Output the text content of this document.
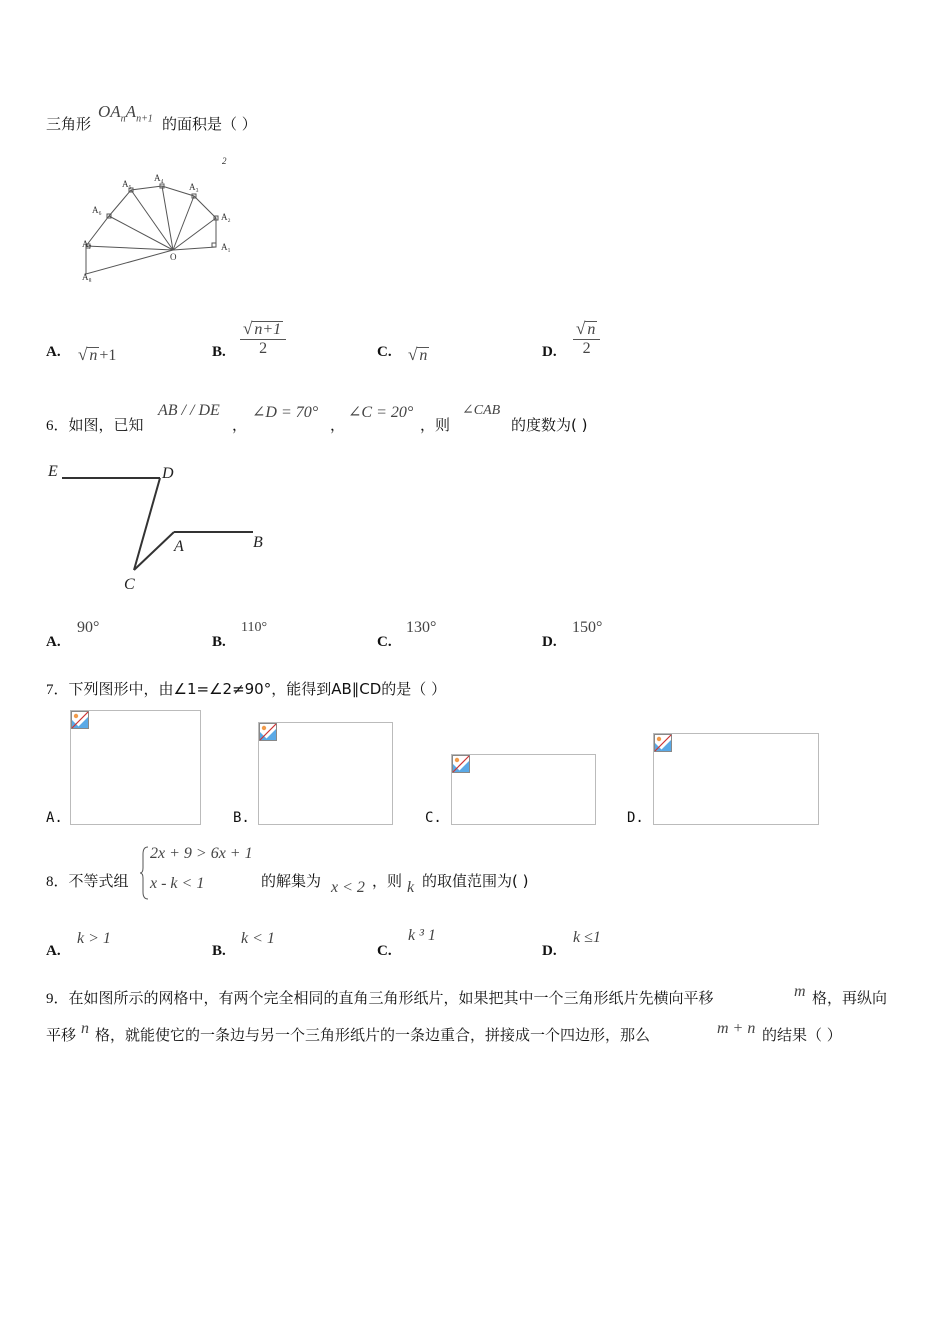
三角形
$OA_nA_{n+1}$ 的面积是（ ）
2
A₁
A₂
A₃
A₄
A₅
A₆
A₇
A₈
O
A. √ n +1	B. $\frac{√ n+1}{2}$	C. √ n	D. $\frac{√ n}{2}$
6．如图，已知
AB / / DE
，
∠D = 70°
，
∠C = 20°
，则
∠CAB
的度数为( )
E	D
A	B
C
A.
90°
B.
110°
C.
130°
D.
150°
7．下列图形中，由∠1=∠2≠90°，能得到AB∥CD的是（ ）
A.	B.	C.	D.
8．不等式组
2x + 9 > 6x + 1
x - k < 1	的解集为 x < 2 ，则 k 的取值范围为( )
A.
k > 1
B.
k < 1
C.
k ³ 1
D.
k ≤1
9．在如图所示的网格中，有两个完全相同的直角三角形纸片，如果把其中一个三角形纸片先横向平移	m 格，再纵向
平移 n 格，就能使它的一条边与另一个三角形纸片的一条边重合，拼接成一个四边形，那么	m + n 的结果（ ）
